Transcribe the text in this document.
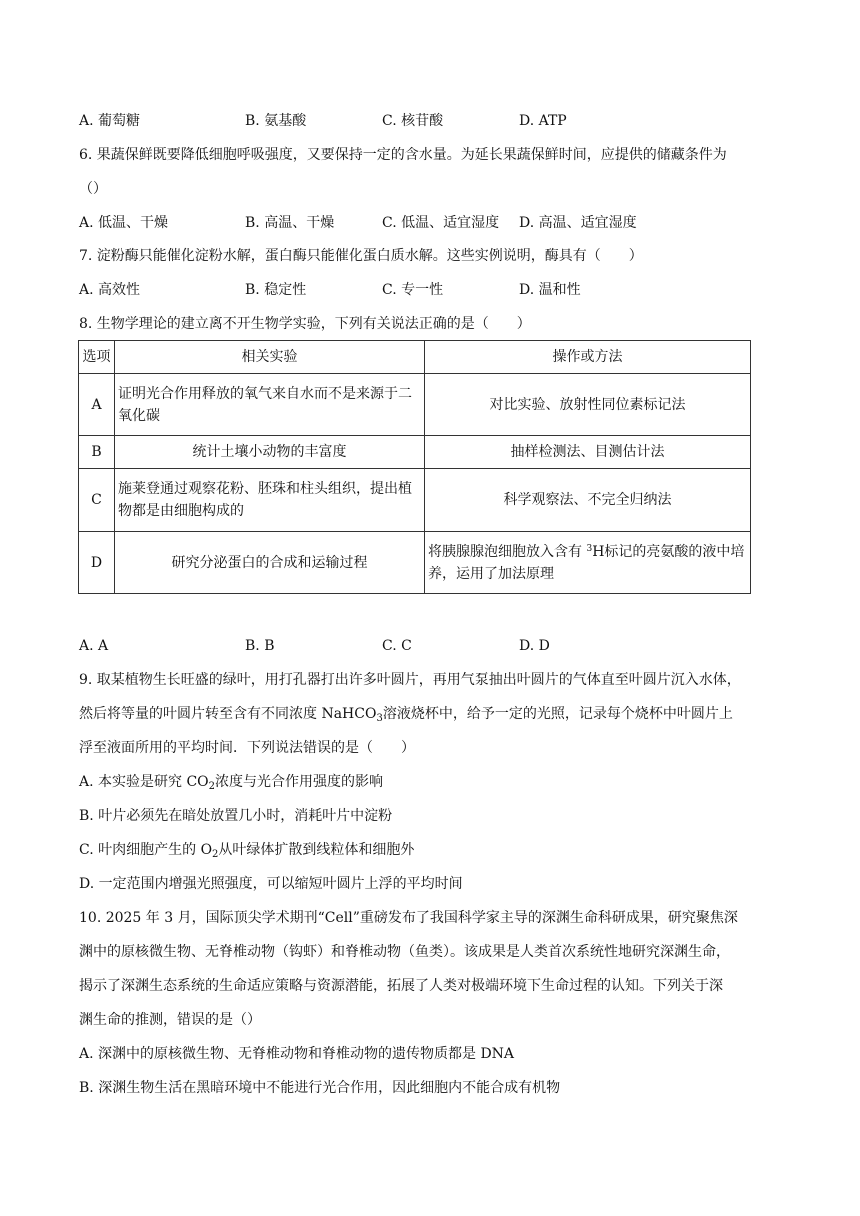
A. 葡萄糖	B. 氨基酸	C. 核苷酸	D. ATP
6. 果蔬保鲜既要降低细胞呼吸强度，又要保持一定的含水量。为延长果蔬保鲜时间，应提供的储藏条件为
（）
A. 低温、干燥	B. 高温、干燥	C. 低温、适宜湿度 D. 高温、适宜湿度
7. 淀粉酶只能催化淀粉水解，蛋白酶只能催化蛋白质水解。这些实例说明，酶具有（　　）
A. 高效性	B. 稳定性	C. 专一性	D. 温和性
8. 生物学理论的建立离不开生物学实验，下列有关说法正确的是（　　）
选项	相关实验	操作或方法
A	证明光合作用释放的氧气来自水而不是来源于二氧化碳	对比实验、放射性同位素标记法
B	统计土壤小动物的丰富度	抽样检测法、目测估计法
C	施莱登通过观察花粉、胚珠和柱头组织，提出植物都是由细胞构成的	科学观察法、不完全归纳法
D	研究分泌蛋白的合成和运输过程	将胰腺腺泡细胞放入含有 $^3$H标记的亮氨酸的液中培养，运用了加法原理
A. A	B. B	C. C	D. D
9. 取某植物生长旺盛的绿叶，用打孔器打出许多叶圆片，再用气泵抽出叶圆片的气体直至叶圆片沉入水体，
然后将等量的叶圆片转至含有不同浓度 NaHCO$_3$溶液烧杯中，给予一定的光照，记录每个烧杯中叶圆片上
浮至液面所用的平均时间．下列说法错误的是（　　）
A. 本实验是研究 $CO_2$浓度与光合作用强度的影响
B. 叶片必须先在暗处放置几小时，消耗叶片中淀粉
C. 叶肉细胞产生的 $O_2$从叶绿体扩散到线粒体和细胞外
D. 一定范围内增强光照强度，可以缩短叶圆片上浮的平均时间
10. 2025 年 3 月，国际顶尖学术期刊“Cell”重磅发布了我国科学家主导的深渊生命科研成果，研究聚焦深
渊中的原核微生物、无脊椎动物（钩虾）和脊椎动物（鱼类）。该成果是人类首次系统性地研究深渊生命，
揭示了深渊生态系统的生命适应策略与资源潜能，拓展了人类对极端环境下生命过程的认知。下列关于深
渊生命的推测，错误的是（）
A. 深渊中的原核微生物、无脊椎动物和脊椎动物的遗传物质都是 DNA
B. 深渊生物生活在黑暗环境中不能进行光合作用，因此细胞内不能合成有机物
